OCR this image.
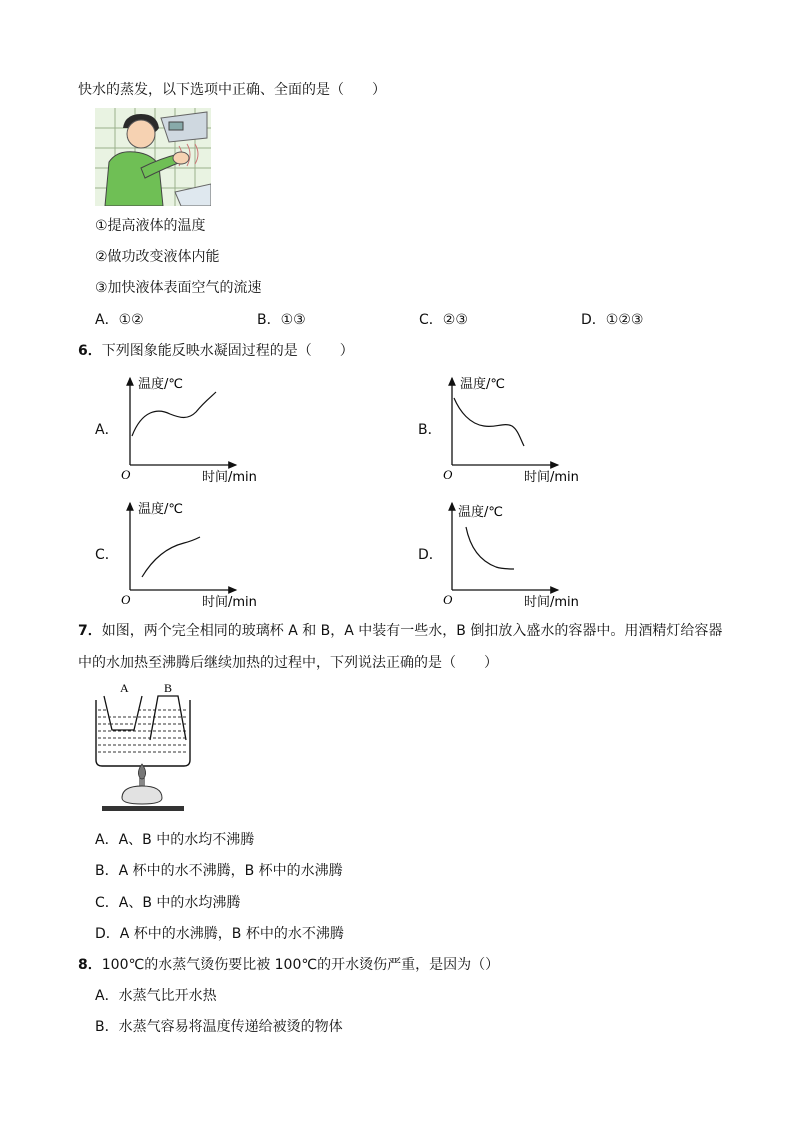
快水的蒸发，以下选项中正确、全面的是（　　）
①提高液体的温度
②做功改变液体内能
③加快液体表面空气的流速
A．①②	B．①③	C．②③	D．①②③
6．下列图象能反映水凝固过程的是（　　）
A．	B．
C．	D．
温度/℃
时间/min
O
温度/℃
时间/min
O
温度/℃
时间/min
O
温度/℃
时间/min
O
7．如图，两个完全相同的玻璃杯 A 和 B，A 中装有一些水，B 倒扣放入盛水的容器中。用酒精灯给容器
中的水加热至沸腾后继续加热的过程中，下列说法正确的是（　　）
A	B
A．A、B 中的水均不沸腾
B．A 杯中的水不沸腾，B 杯中的水沸腾
C．A、B 中的水均沸腾
D．A 杯中的水沸腾，B 杯中的水不沸腾
8．100℃的水蒸气烫伤要比被 100℃的开水烫伤严重，是因为（）
A．水蒸气比开水热
B．水蒸气容易将温度传递给被烫的物体
